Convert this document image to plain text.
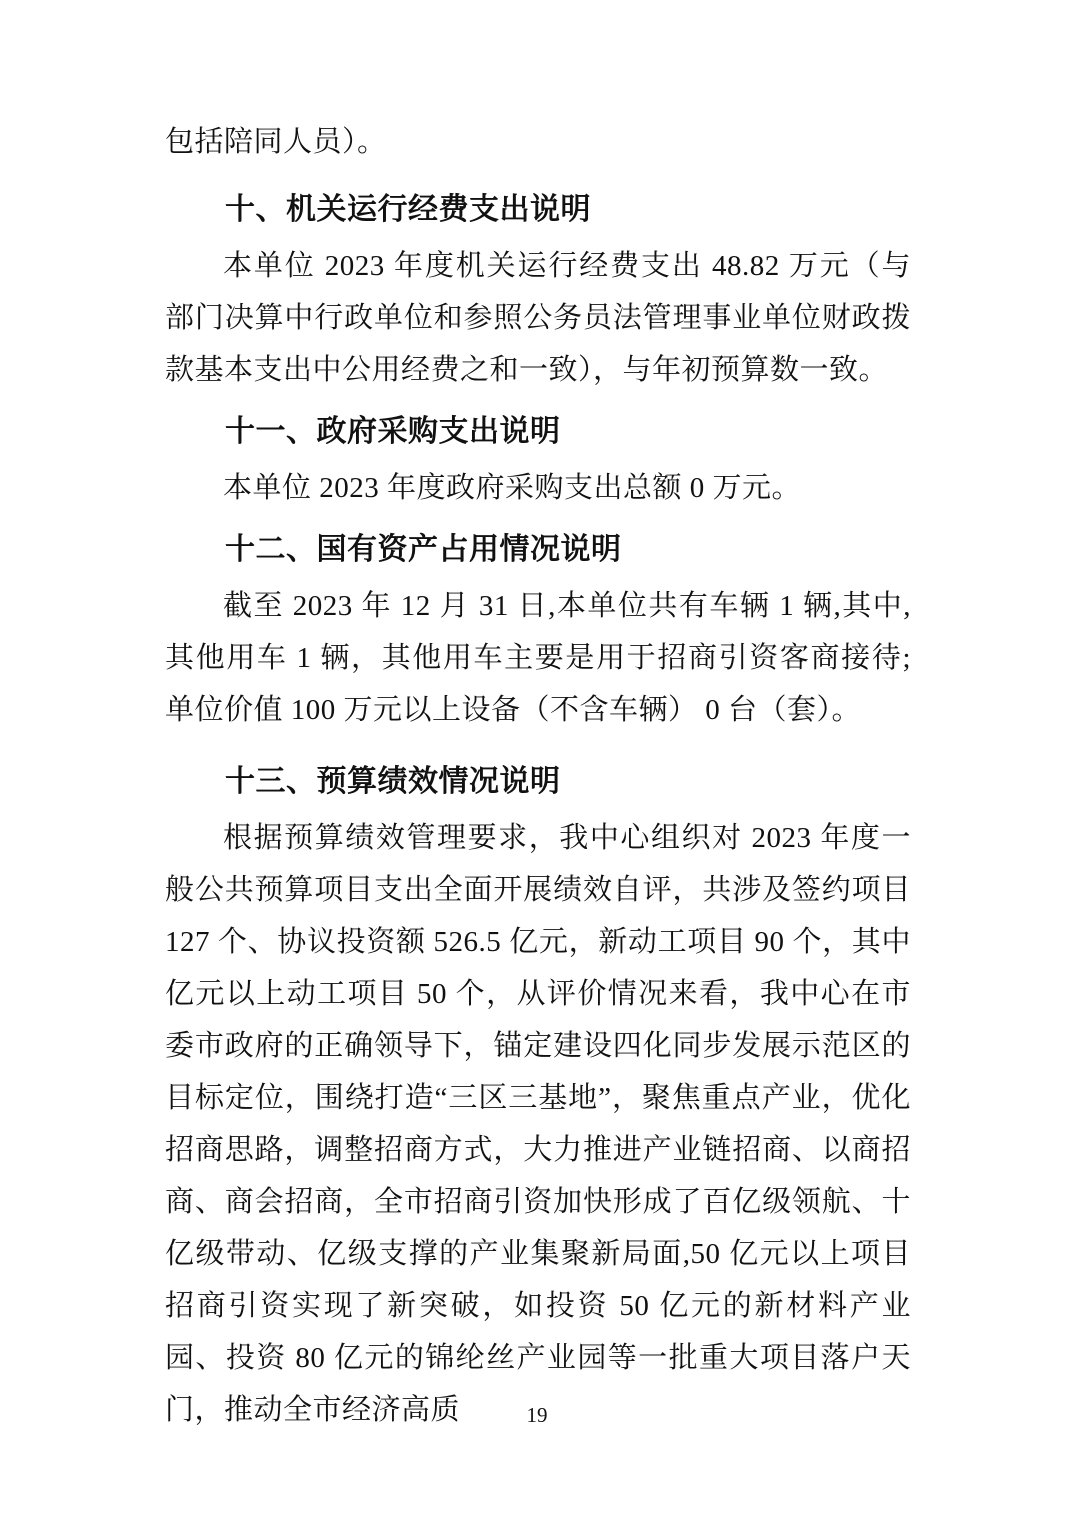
包括陪同人员）。

十、机关运行经费支出说明

本单位 2023 年度机关运行经费支出 48.82 万元（与部门决算中行政单位和参照公务员法管理事业单位财政拨款基本支出中公用经费之和一致），与年初预算数一致。

十一、政府采购支出说明

本单位 2023 年度政府采购支出总额 0 万元。

十二、国有资产占用情况说明

截至 2023 年 12 月 31 日,本单位共有车辆 1 辆,其中,其他用车 1 辆，其他用车主要是用于招商引资客商接待;单位价值 100 万元以上设备（不含车辆） 0 台（套）。

十三、预算绩效情况说明

根据预算绩效管理要求，我中心组织对 2023 年度一般公共预算项目支出全面开展绩效自评，共涉及签约项目 127 个、协议投资额 526.5 亿元，新动工项目 90 个，其中亿元以上动工项目 50 个，从评价情况来看，我中心在市委市政府的正确领导下，锚定建设四化同步发展示范区的目标定位，围绕打造“三区三基地”，聚焦重点产业，优化招商思路，调整招商方式，大力推进产业链招商、以商招商、商会招商，全市招商引资加快形成了百亿级领航、十亿级带动、亿级支撑的产业集聚新局面,50 亿元以上项目招商引资实现了新突破，如投资 50 亿元的新材料产业园、投资 80 亿元的锦纶丝产业园等一批重大项目落户天门，推动全市经济高质	19
